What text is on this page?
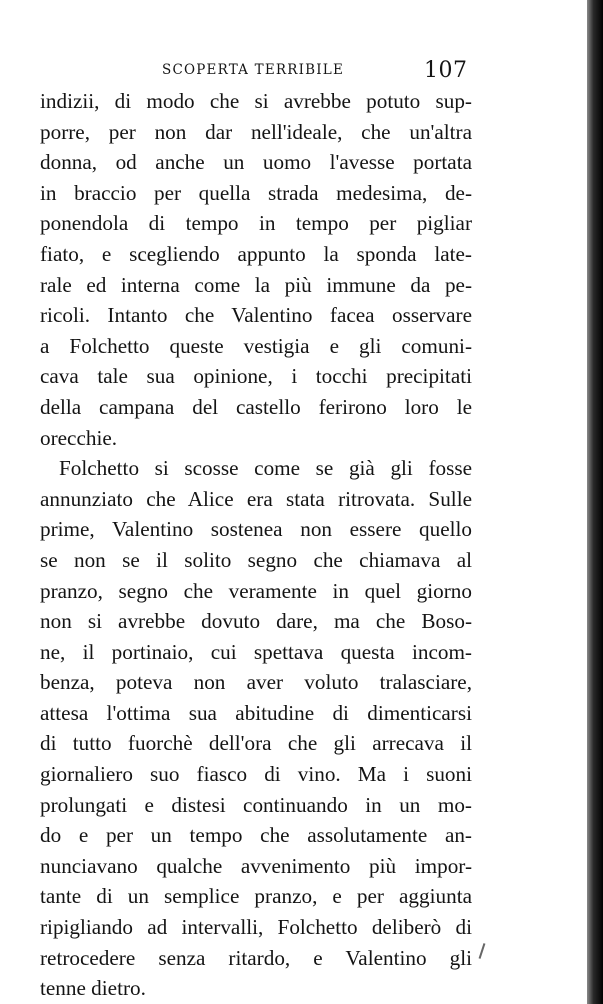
SCOPERTA TERRIBILE	107
indizii, di modo che si avrebbe potuto sup-
porre, per non dar nell'ideale, che un'altra
donna, od anche un uomo l'avesse portata
in braccio per quella strada medesima, de-
ponendola di tempo in tempo per pigliar
fiato, e scegliendo appunto la sponda late-
rale ed interna come la più immune da pe-
ricoli. Intanto che Valentino facea osservare
a Folchetto queste vestigia e gli comuni-
cava tale sua opinione, i tocchi precipitati
della campana del castello ferirono loro le
orecchie.
Folchetto si scosse come se già gli fosse
annunziato che Alice era stata ritrovata. Sulle
prime, Valentino sostenea non essere quello
se non se il solito segno che chiamava al
pranzo, segno che veramente in quel giorno
non si avrebbe dovuto dare, ma che Boso-
ne, il portinaio, cui spettava questa incom-
benza, poteva non aver voluto tralasciare,
attesa l'ottima sua abitudine di dimenticarsi
di tutto fuorchè dell'ora che gli arrecava il
giornaliero suo fiasco di vino. Ma i suoni
prolungati e distesi continuando in un mo-
do e per un tempo che assolutamente an-
nunciavano qualche avvenimento più impor-
tante di un semplice pranzo, e per aggiunta
ripigliando ad intervalli, Folchetto deliberò di
retrocedere senza ritardo, e Valentino gli
tenne dietro.
